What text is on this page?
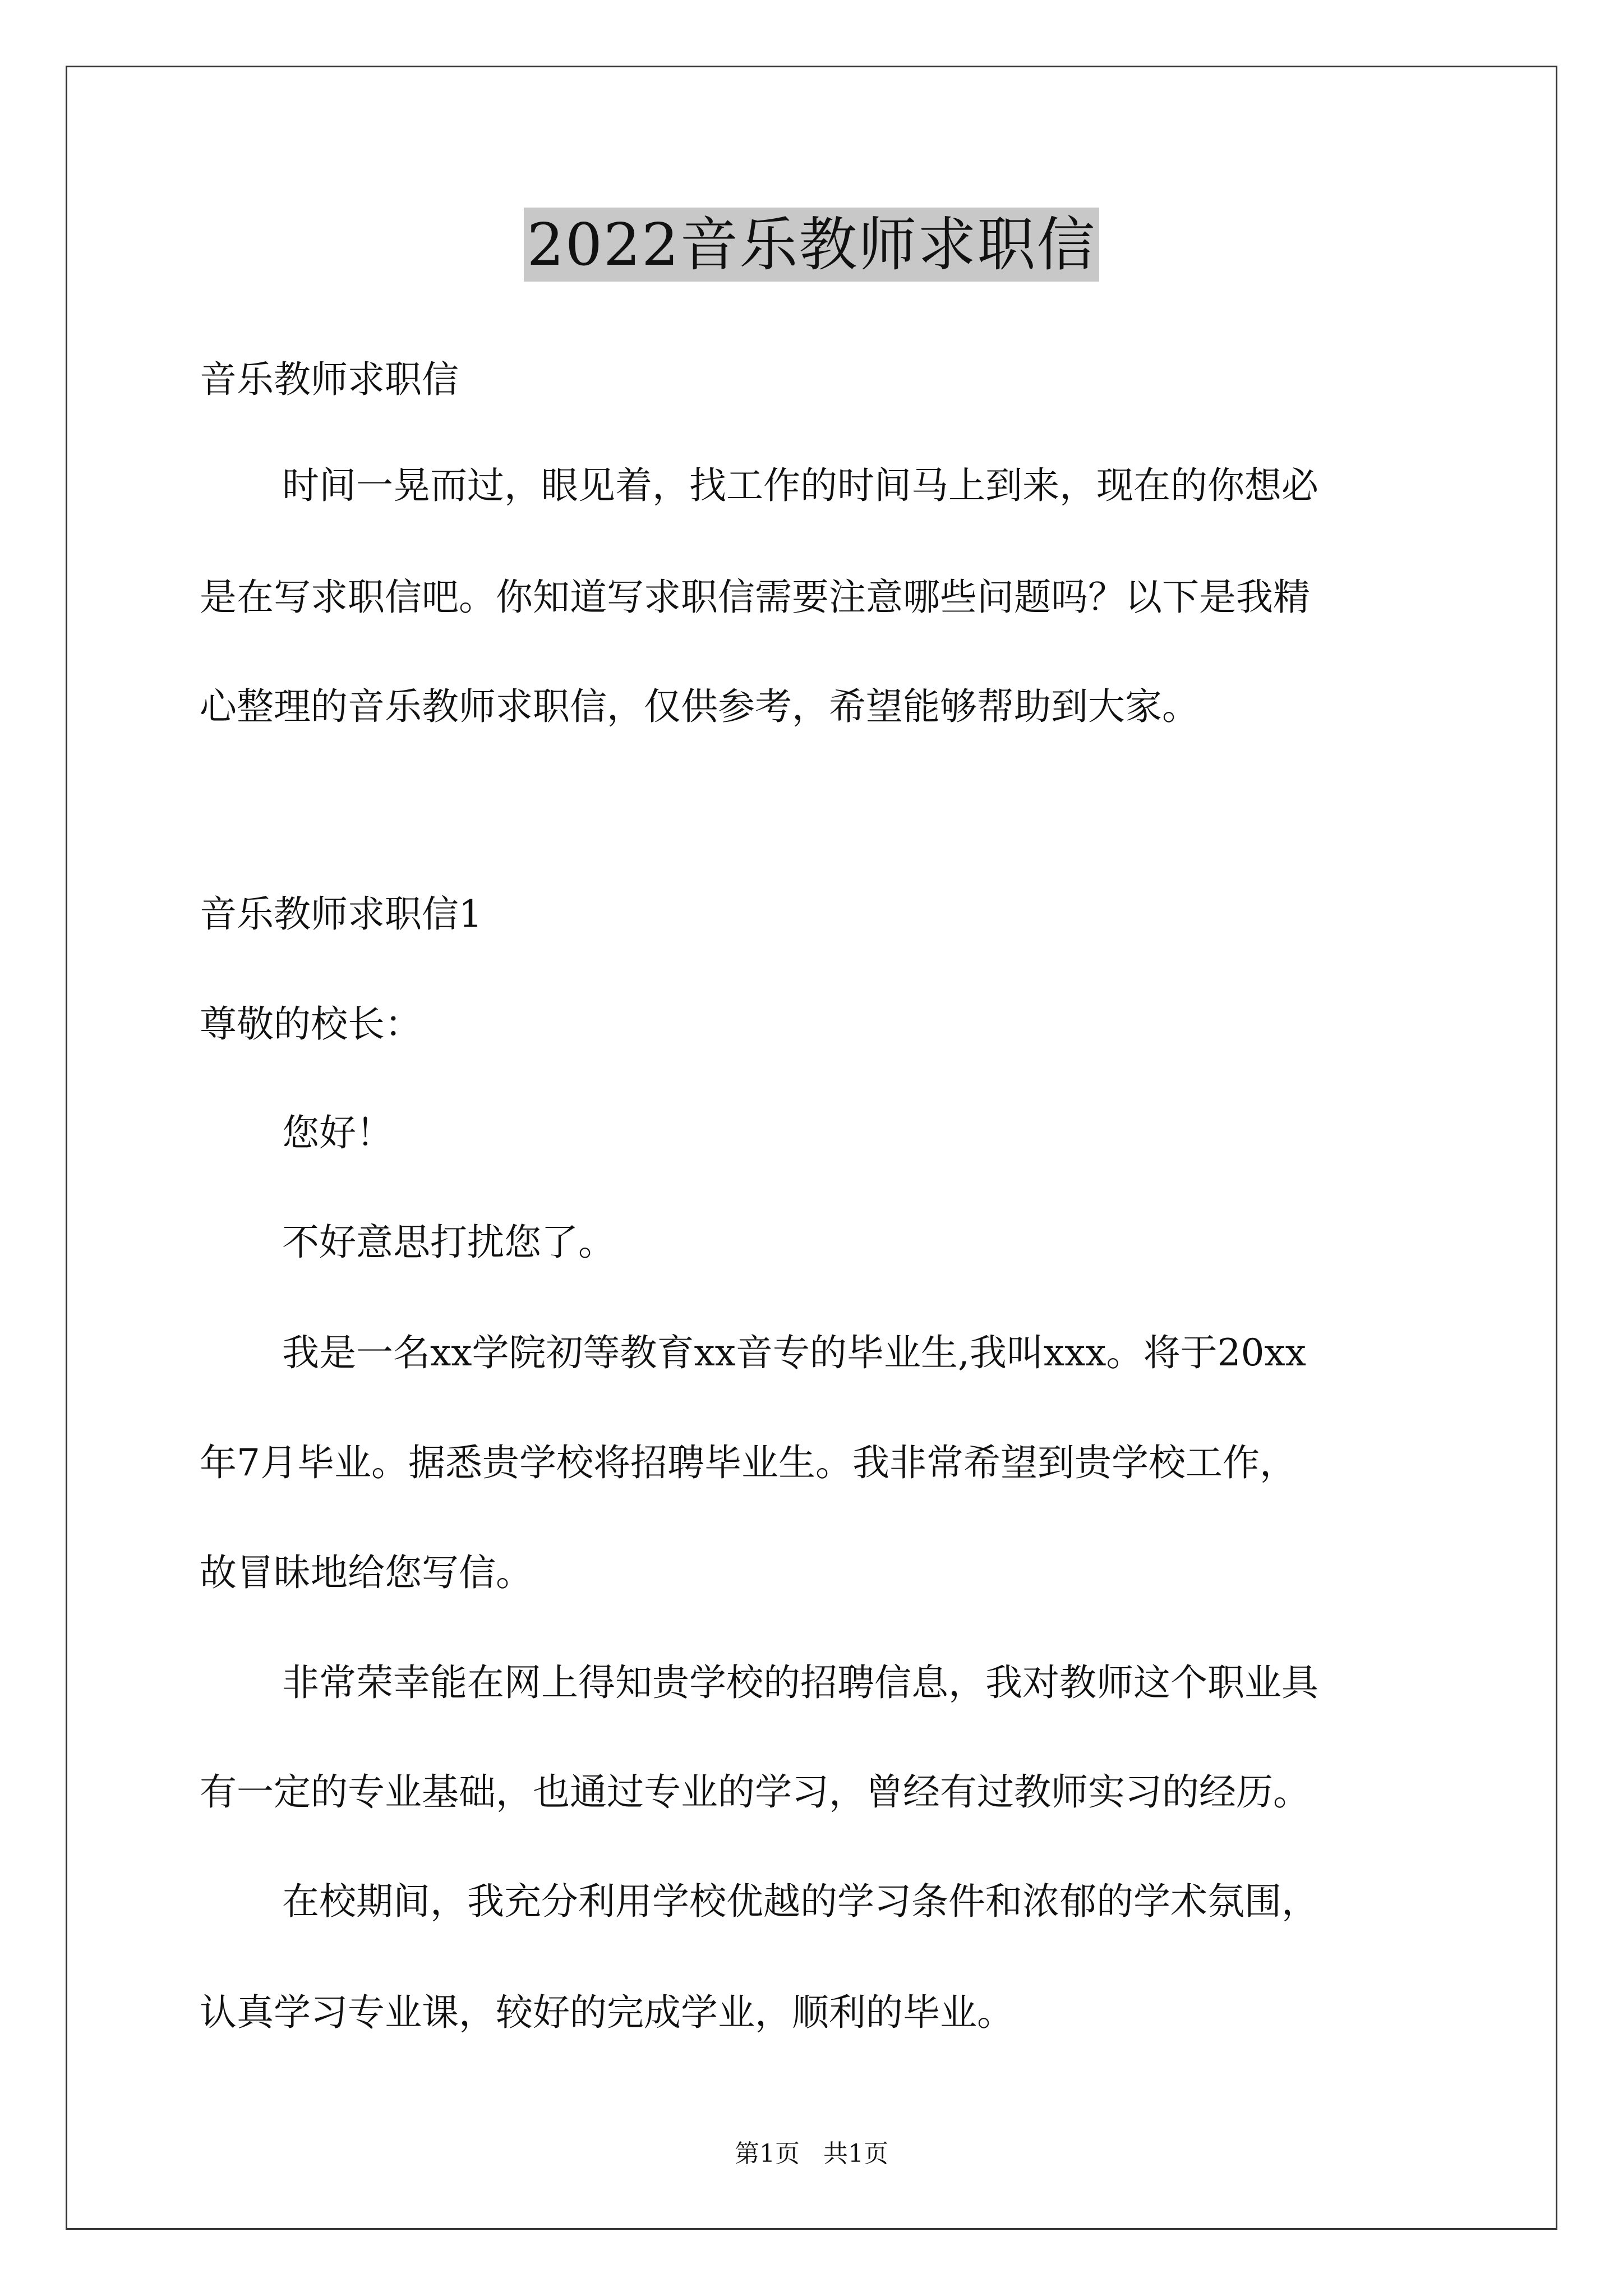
2022音乐教师求职信
音乐教师求职信
时间一晃而过，眼见着，找工作的时间马上到来，现在的你想必
是在写求职信吧。你知道写求职信需要注意哪些问题吗？以下是我精
心整理的音乐教师求职信，仅供参考，希望能够帮助到大家。
音乐教师求职信1
尊敬的校长：
您好！
不好意思打扰您了。
我是一名xx学院初等教育xx音专的毕业生,我叫xxx。将于20xx
年7月毕业。据悉贵学校将招聘毕业生。我非常希望到贵学校工作，
故冒昧地给您写信。
非常荣幸能在网上得知贵学校的招聘信息，我对教师这个职业具
有一定的专业基础，也通过专业的学习，曾经有过教师实习的经历。
在校期间，我充分利用学校优越的学习条件和浓郁的学术氛围，
认真学习专业课，较好的完成学业，顺利的毕业。
第1页 共1页
